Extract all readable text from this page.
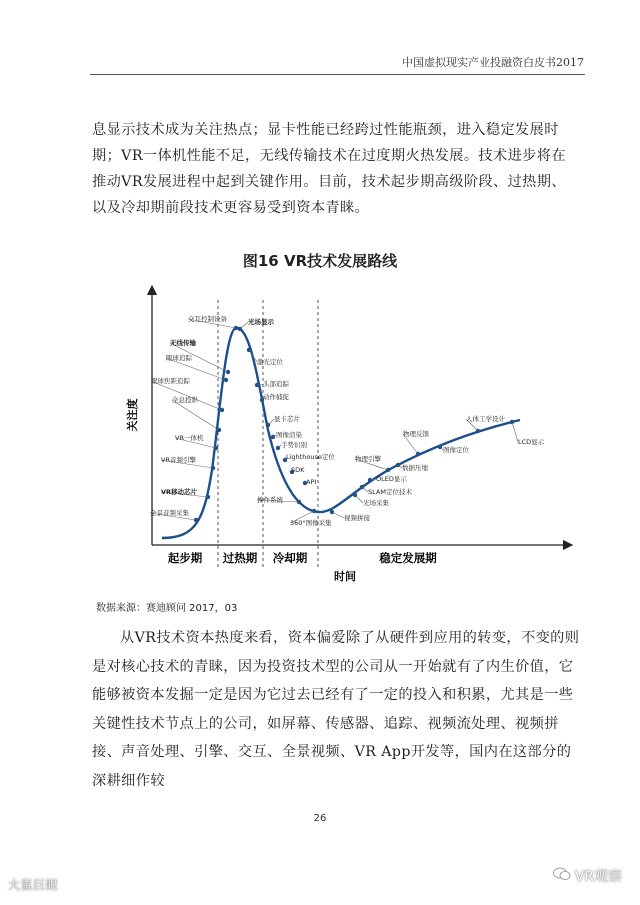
中国虚拟现实产业投融资白皮书2017
息显示技术成为关注热点；显卡性能已经跨过性能瓶颈，进入稳定发展时期；VR一体机性能不足，无线传输技术在过度期火热发展。技术进步将在推动VR发展进程中起到关键作用。目前，技术起步期高级阶段、过热期、以及冷却期前段技术更容易受到资本青睐。
图16 VR技术发展路线
交互控制设备	光场显示
无线传输
眼球追踪
眼球焦距追踪
全息投影
VR一体机
VR音频引擎
VR移动芯片
全景音频采集
激光定位
头部追踪
动作捕捉
显卡芯片
图像渲染
手势识别
Lighthouse定位
SDK
API
操作系统
360°图像采集
视频拼接
光场采集
SLAM定位技术
OLED显示
物理引擎
数据压缩
物理反馈
图像定位
人体工学设计
LCD显示
关注度
起步期 过热期 冷却期	稳定发展期
时间
数据来源：赛迪顾问 2017，03
从VR技术资本热度来看，资本偏爱除了从硬件到应用的转变，不变的则是对核心技术的青睐，因为投资技术型的公司从一开始就有了内生价值，它能够被资本发掘一定是因为它过去已经有了一定的投入和积累，尤其是一些关键性技术节点上的公司，如屏幕、传感器、追踪、视频流处理、视频拼接、声音处理、引擎、交互、全景视频、VR App开发等，国内在这部分的深耕细作较
26
大鼠巨眼	VR观察
